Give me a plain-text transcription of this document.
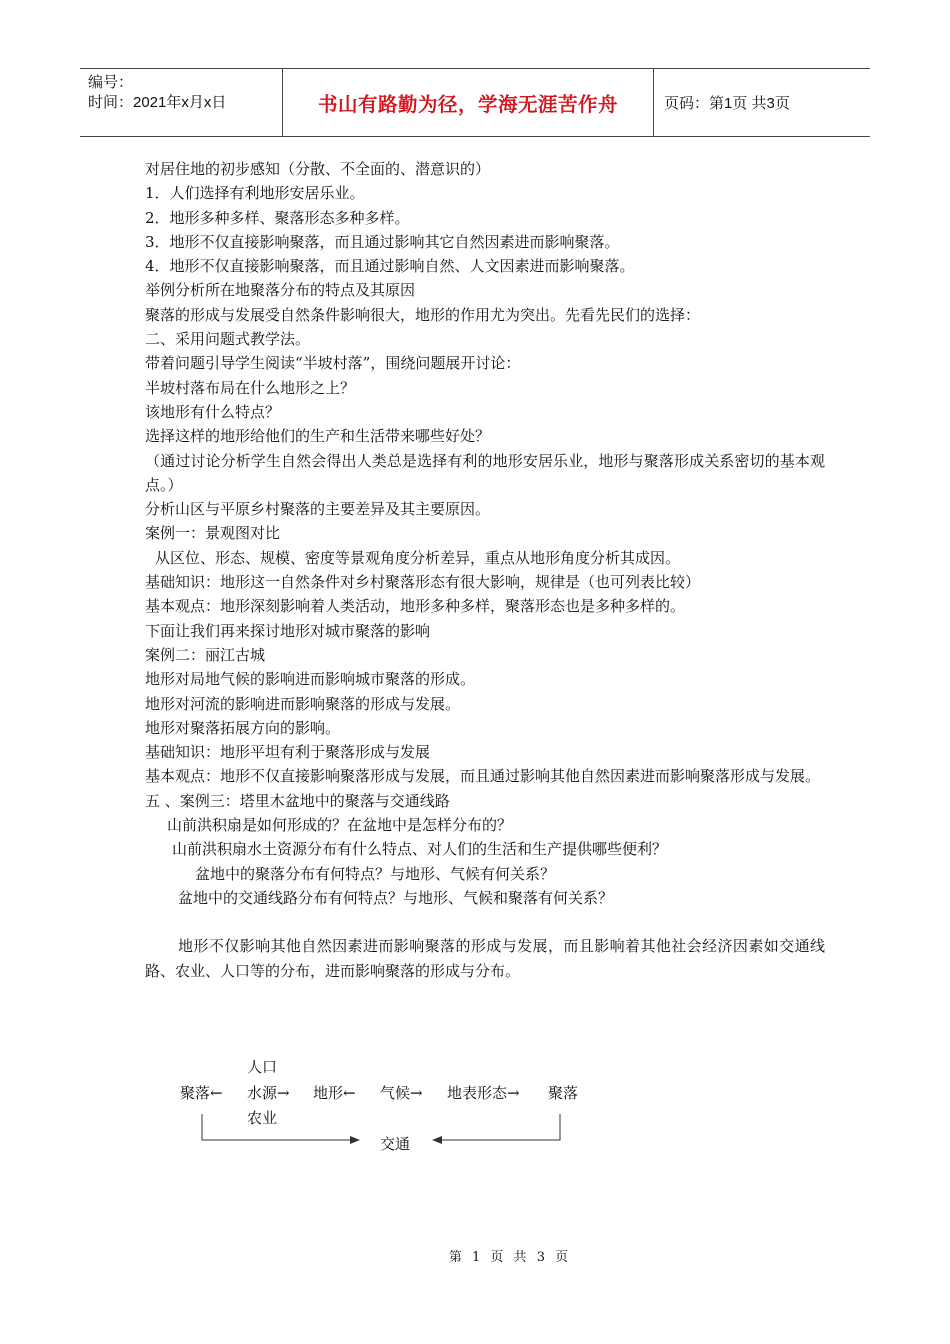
编号：
时间：2021年x月x日	书山有路勤为径，学海无涯苦作舟	页码：第1页 共3页

对居住地的初步感知（分散、不全面的、潜意识的）

1．人们选择有利地形安居乐业。

2．地形多种多样、聚落形态多种多样。

3．地形不仅直接影响聚落，而且通过影响其它自然因素进而影响聚落。

4．地形不仅直接影响聚落，而且通过影响自然、人文因素进而影响聚落。

举例分析所在地聚落分布的特点及其原因

聚落的形成与发展受自然条件影响很大，地形的作用尤为突出。先看先民们的选择：

二、采用问题式教学法。

带着问题引导学生阅读“半坡村落”，围绕问题展开讨论：

半坡村落布局在什么地形之上？

该地形有什么特点？

选择这样的地形给他们的生产和生活带来哪些好处？

（通过讨论分析学生自然会得出人类总是选择有利的地形安居乐业，地形与聚落形成关系密切的基本观点。）

分析山区与平原乡村聚落的主要差异及其主要原因。

案例一：景观图对比

从区位、形态、规模、密度等景观角度分析差异，重点从地形角度分析其成因。

基础知识：地形这一自然条件对乡村聚落形态有很大影响，规律是（也可列表比较）

基本观点：地形深刻影响着人类活动，地形多种多样，聚落形态也是多种多样的。

下面让我们再来探讨地形对城市聚落的影响

案例二：丽江古城

地形对局地气候的影响进而影响城市聚落的形成。

地形对河流的影响进而影响聚落的形成与发展。

地形对聚落拓展方向的影响。

基础知识：地形平坦有利于聚落形成与发展

基本观点：地形不仅直接影响聚落形成与发展，而且通过影响其他自然因素进而影响聚落形成与发展。

五 、案例三：塔里木盆地中的聚落与交通线路

山前洪积扇是如何形成的？在盆地中是怎样分布的？

山前洪积扇水土资源分布有什么特点、对人们的生活和生产提供哪些便利？

盆地中的聚落分布有何特点？与地形、气候有何关系？

盆地中的交通线路分布有何特点？与地形、气候和聚落有何关系？

地形不仅影响其他自然因素进而影响聚落的形成与发展，而且影响着其他社会经济因素如交通线路、农业、人口等的分布，进而影响聚落的形成与分布。

人口
聚落← 水源→
农业
地形← 气候→ 地表形态→ 聚落
交通
第 1 页 共 3 页
